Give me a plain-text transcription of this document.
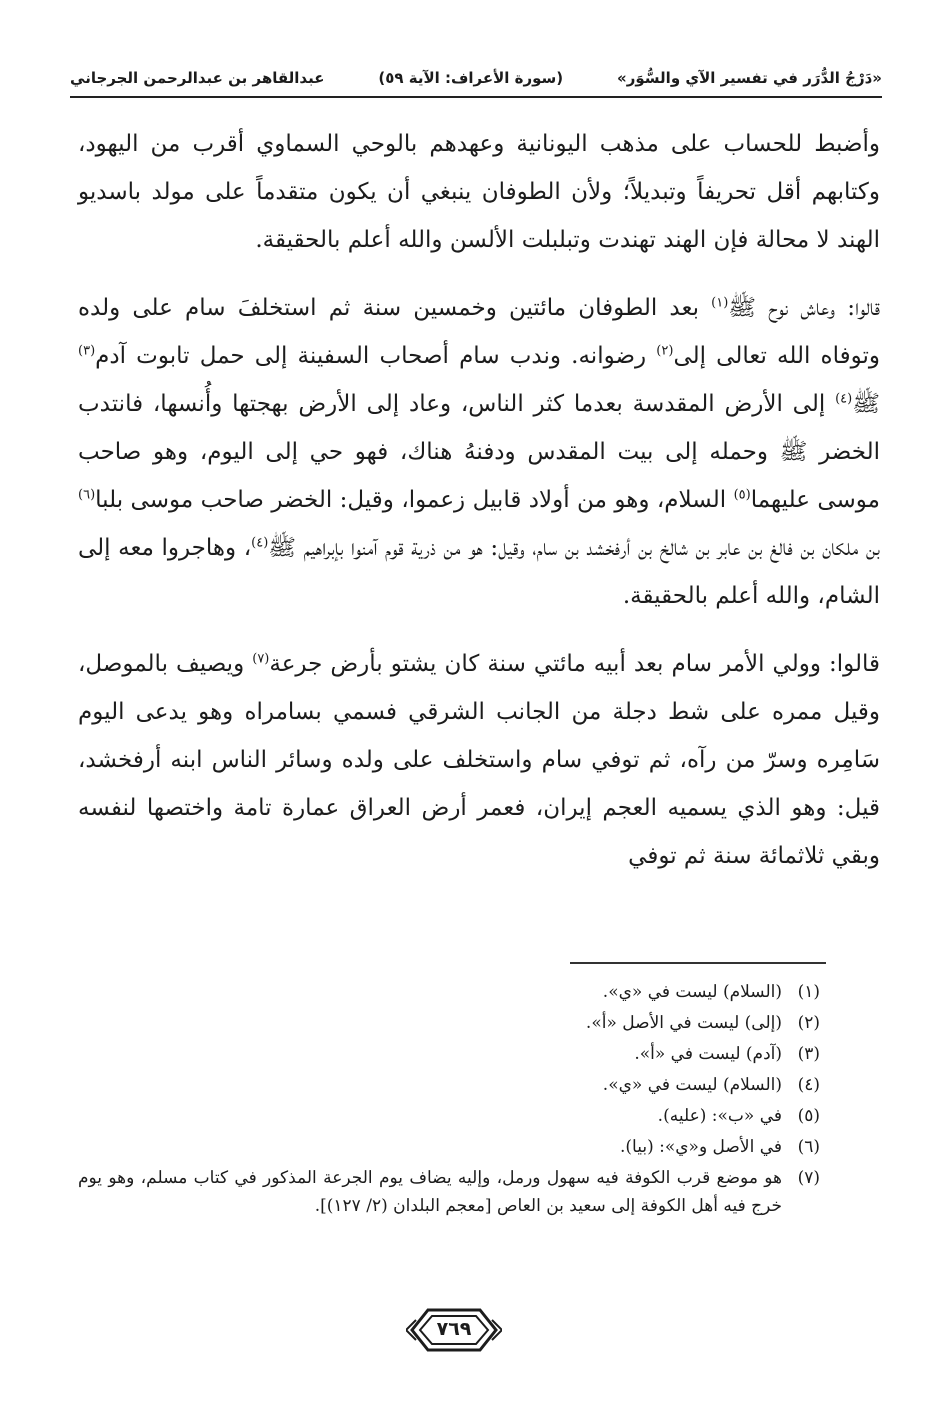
«دَرْجُ الدُّرَر في تفسير الآي والسُّوَر»
(سورة الأعراف: الآية ٥٩)
عبدالقاهر بن عبدالرحمن الجرجاني

وأضبط للحساب على مذهب اليونانية وعهدهم بالوحي السماوي أقرب من اليهود، وكتابهم أقل تحريفاً وتبديلاً؛ ولأن الطوفان ينبغي أن يكون متقدماً على مولد باسديو الهند لا محالة فإن الهند تهندت وتبلبلت الألسن والله أعلم بالحقيقة.

قالوا: وعاش نوح ﷺ$^{(١)}$ بعد الطوفان مائتين وخمسين سنة ثم استخلفَ سام على ولده وتوفاه الله تعالى إلى$^{(٢)}$ رضوانه. وندب سام أصحاب السفينة إلى حمل تابوت آدم$^{(٣)}$ ﷺ$^{(٤)}$ إلى الأرض المقدسة بعدما كثر الناس، وعاد إلى الأرض بهجتها وأُنسها، فانتدب الخضر ﷺ وحمله إلى بيت المقدس ودفنهُ هناك، فهو حي إلى اليوم، وهو صاحب موسى عليهما$^{(٥)}$ السلام، وهو من أولاد قابيل زعموا، وقيل: الخضر صاحب موسى بلبا$^{(٦)}$ بن ملكان بن فالغ بن عابر بن شالخ بن أرفخشد بن سام، وقيل: هو من ذرية قوم آمنوا بإبراهيم ﷺ$^{(٤)}$، وهاجروا معه إلى الشام، والله أعلم بالحقيقة.

قالوا: وولي الأمر سام بعد أبيه مائتي سنة كان يشتو بأرض جرعة$^{(٧)}$ ويصيف بالموصل، وقيل ممره على شط دجلة من الجانب الشرقي فسمي بسامراه وهو يدعى اليوم سَامِره وسرّ من رآه، ثم توفي سام واستخلف على ولده وسائر الناس ابنه أرفخشد، قيل: وهو الذي يسميه العجم إيران، فعمر أرض العراق عمارة تامة واختصها لنفسه وبقي ثلاثمائة سنة ثم توفي

(١)
(السلام) ليست في «ي».
(٢)
(إلى) ليست في الأصل «أ».
(٣)
(آدم) ليست في «أ».
(٤)
(السلام) ليست في «ي».
(٥)
في «ب»: (عليه).
(٦)
في الأصل و«ي»: (بيا).
(٧)
هو موضع قرب الكوفة فيه سهول ورمل، وإليه يضاف يوم الجرعة المذكور في كتاب مسلم، وهو يوم خرج فيه أهل الكوفة إلى سعيد بن العاص [معجم البلدان (٢/ ١٢٧)].
٧٦٩
